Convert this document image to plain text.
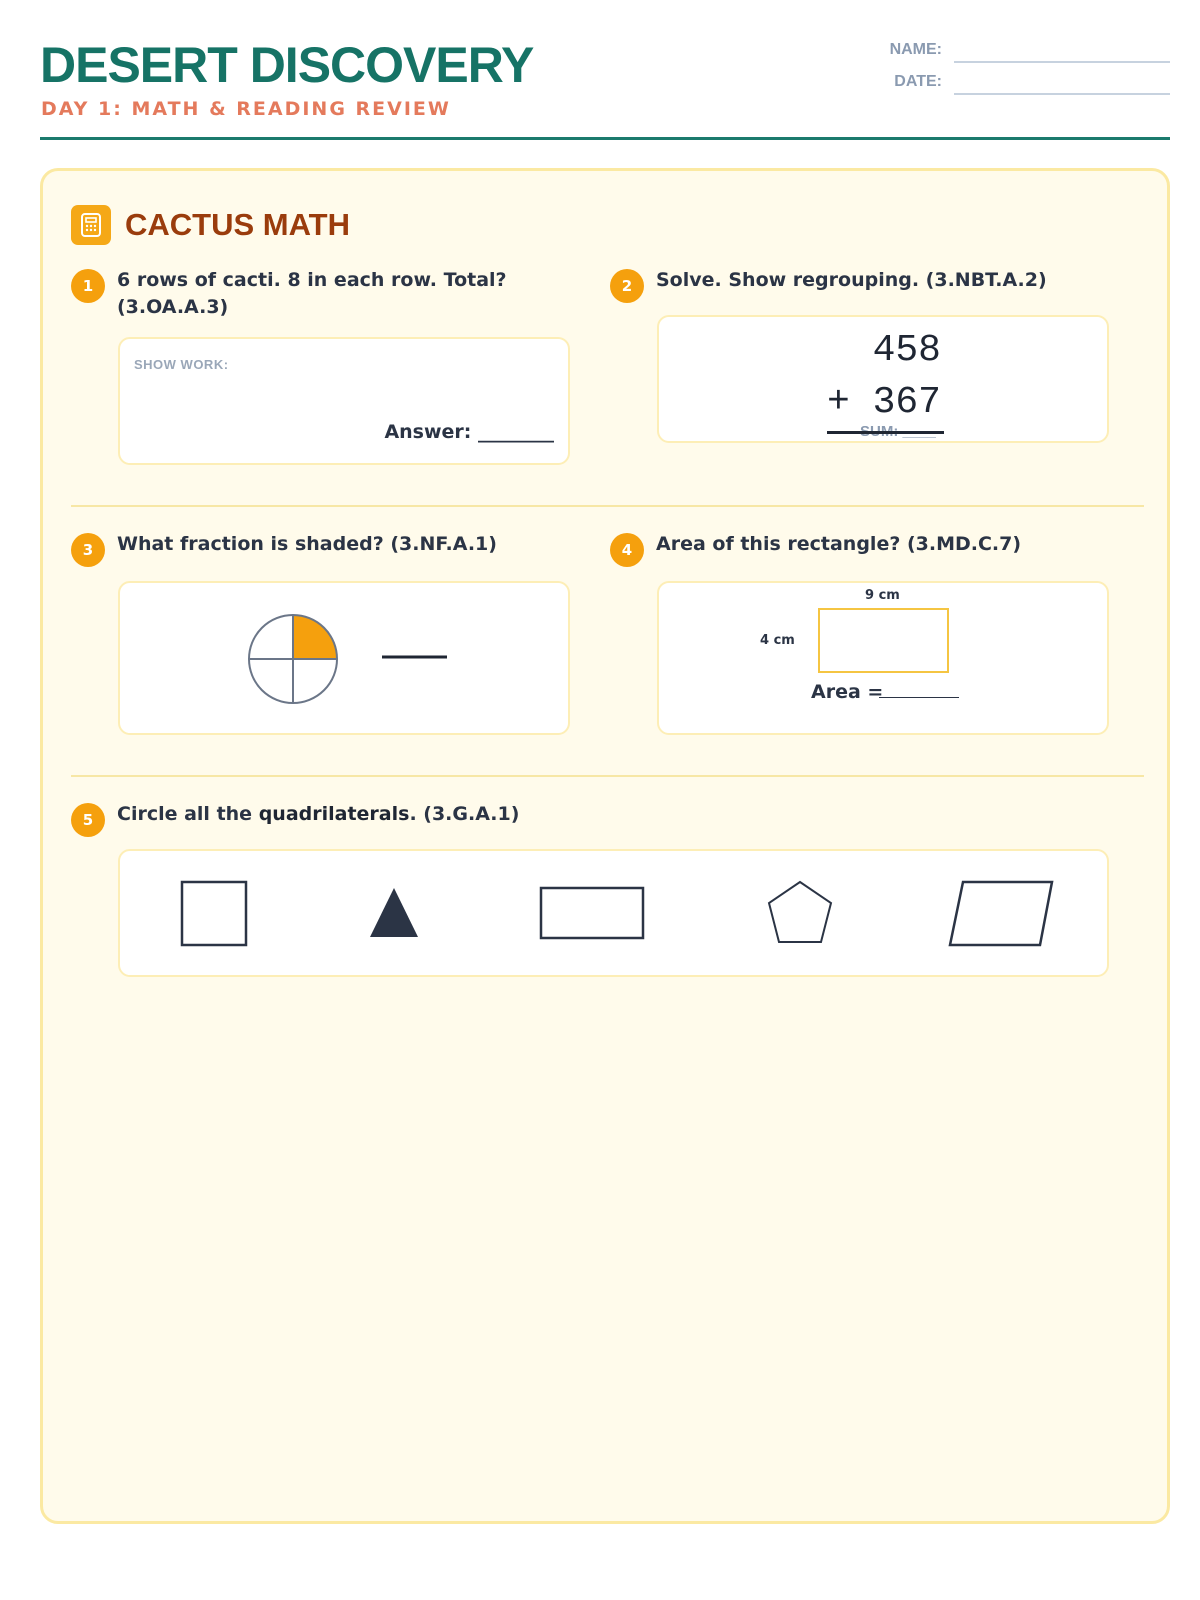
DESERT DISCOVERY
DAY 1: MATH & READING REVIEW
NAME:
DATE:
CACTUS MATH
1	6 rows of cacti. 8 in each row. Total?
(3.OA.A.3)
SHOW WORK:
Answer: ________
2	Solve. Show regrouping. (3.NBT.A.2)
458
+ 367
SUM: ____
3	What fraction is shaded? (3.NF.A.1)	4	Area of this rectangle? (3.MD.C.7)
9 cm
4 cm
Area =
5	Circle all the quadrilaterals. (3.G.A.1)
